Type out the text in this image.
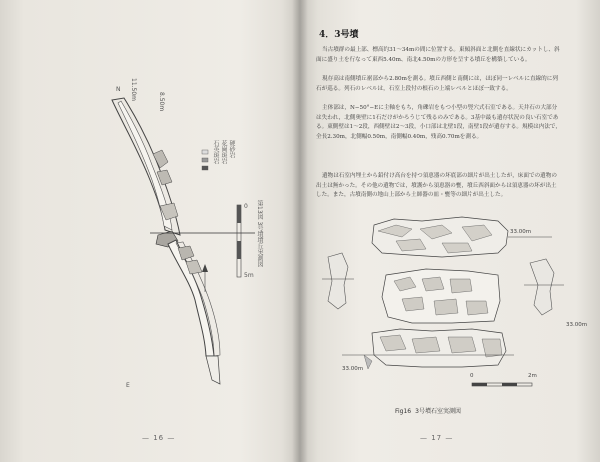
N 11.50m
8.50m
石英斑岩 花崗斑岩 硬砂岩
0
5m
第13図 3号墳墳丘実測図
E
— 16 —
4．3号墳

当古墳群の最上部、標高約31～34mの間に位置する。東傾斜面と北側を直線状にカットし、斜面に盛り土を行なって東西5.40m、南北4.50mの方形を呈する墳丘を構築している。

現存高は南側墳丘裾部から2.80mを測る。墳丘西側と南側には，ほぼ同一レベルに直線的に列石が巡る。列石のレベルは，石室上段付の根石の上端レベルとほぼ一致する。

主体部は，N−50°−Eに主軸をもち，角礫岩をもつ小型の竪穴式石室である。天井石の大部分は失われ，北側奥壁に1石だけがかろうじて残るのみである。3基中最も遺存状況の良い石室である。東側壁は1～2段，西側壁は2～3段，小口部は北壁1段，南壁1段が遺存する。規模は内法で，全長2.30m，北側幅0.50m，南側幅0.40m，残高0.70mを測る。

遺物は石室内埋土から鉛付け高台を持つ須恵器の坏底部の細片が出土したが，床面での遺物の出土は無かった。その他の遺物では，墳護から須恵器の甕，墳丘西斜面からは須恵器の坏が出土した。また，古墳南側の地山上部から土師器の皿・甕等の細片が出土した。

33.00m
33.00m
33.00m
0	2m
Fig16 3号墳石室実測図
— 17 —
